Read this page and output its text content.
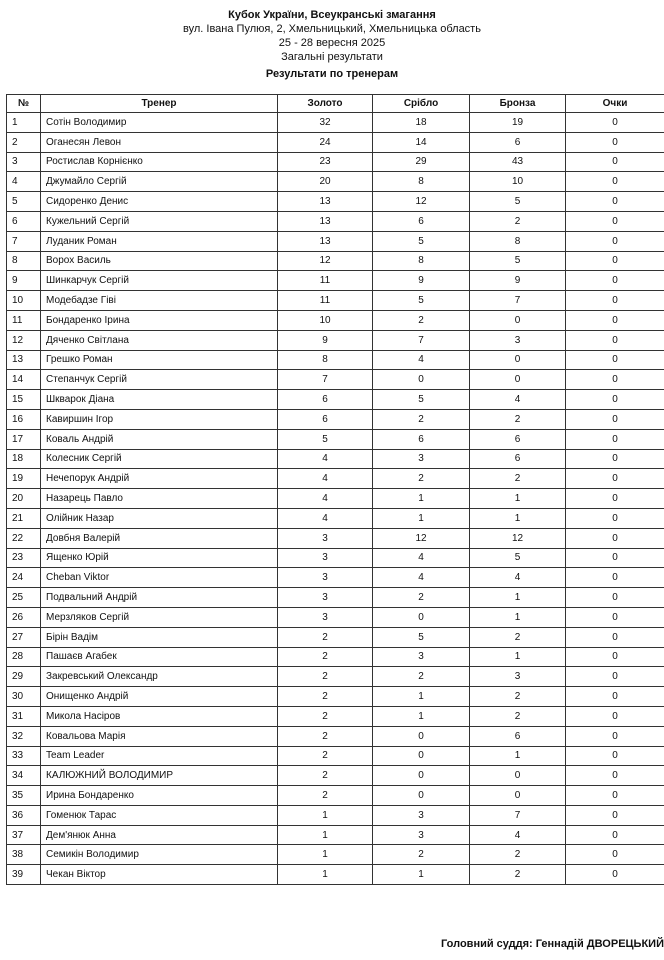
Кубок України, Всеукранські змагання
вул. Івана Пулюя, 2, Хмельницький, Хмельницька область
25 - 28 вересня 2025
Загальні результати
Результати по тренерам
№	Тренер	Золото	Срібло	Бронза	Очки
1	Сотін Володимир	32	18	19	0
2	Оганесян Левон	24	14	6	0
3	Ростислав Корнієнко	23	29	43	0
4	Джумайло Сергій	20	8	10	0
5	Сидоренко Денис	13	12	5	0
6	Кужельний Сергій	13	6	2	0
7	Луданик Роман	13	5	8	0
8	Ворох Василь	12	8	5	0
9	Шинкарчук Сергій	11	9	9	0
10	Модебадзе Гіві	11	5	7	0
11	Бондаренко Ірина	10	2	0	0
12	Дяченко Світлана	9	7	3	0
13	Грешко Роман	8	4	0	0
14	Степанчук Сергій	7	0	0	0
15	Шкварок Діана	6	5	4	0
16	Кавиршин Ігор	6	2	2	0
17	Коваль Андрій	5	6	6	0
18	Колесник Сергій	4	3	6	0
19	Нечепорук Андрій	4	2	2	0
20	Назарець Павло	4	1	1	0
21	Олійник Назар	4	1	1	0
22	Довбня Валерій	3	12	12	0
23	Ященко Юрій	3	4	5	0
24	Cheban Viktor	3	4	4	0
25	Подвальний Андрій	3	2	1	0
26	Мерзляков Сергій	3	0	1	0
27	Бірін Вадім	2	5	2	0
28	Пашаєв Агабек	2	3	1	0
29	Закревський Олександр	2	2	3	0
30	Онищенко Андрій	2	1	2	0
31	Микола Насіров	2	1	2	0
32	Ковальова Марія	2	0	6	0
33	Team Leader	2	0	1	0
34	КАЛЮЖНИЙ ВОЛОДИМИР	2	0	0	0
35	Ирина Бондаренко	2	0	0	0
36	Гоменюк Тарас	1	3	7	0
37	Дем'янюк Анна	1	3	4	0
38	Семикін Володимир	1	2	2	0
39	Чекан Віктор	1	1	2	0
Головний суддя: Геннадій ДВОРЕЦЬКИЙ
